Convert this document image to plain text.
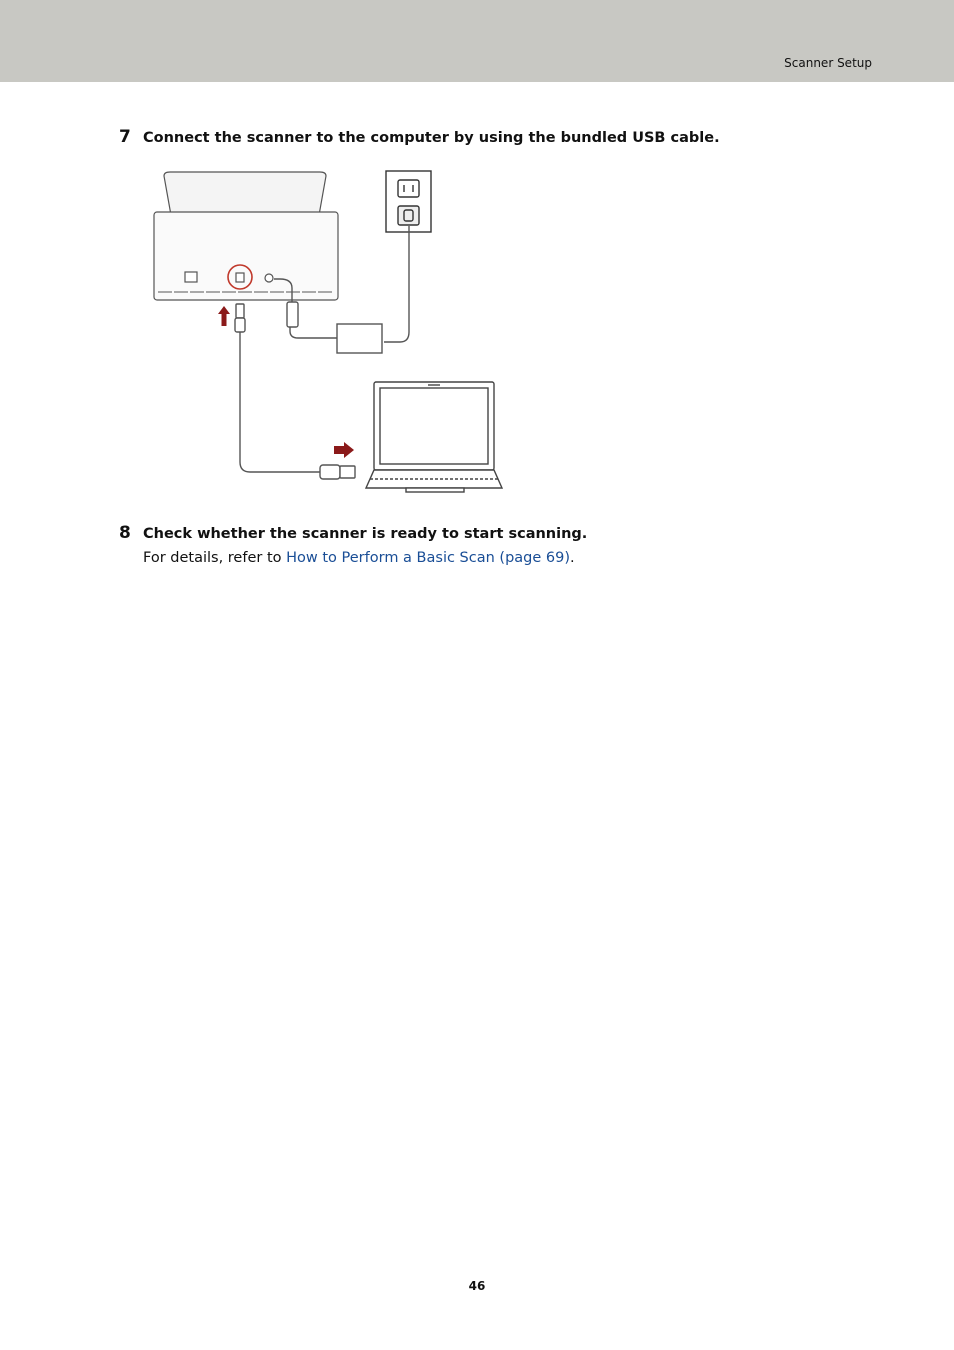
Scanner Setup
7 Connect the scanner to the computer by using the bundled USB cable.
8 Check whether the scanner is ready to start scanning.
For details, refer to How to Perform a Basic Scan (page 69).
46
